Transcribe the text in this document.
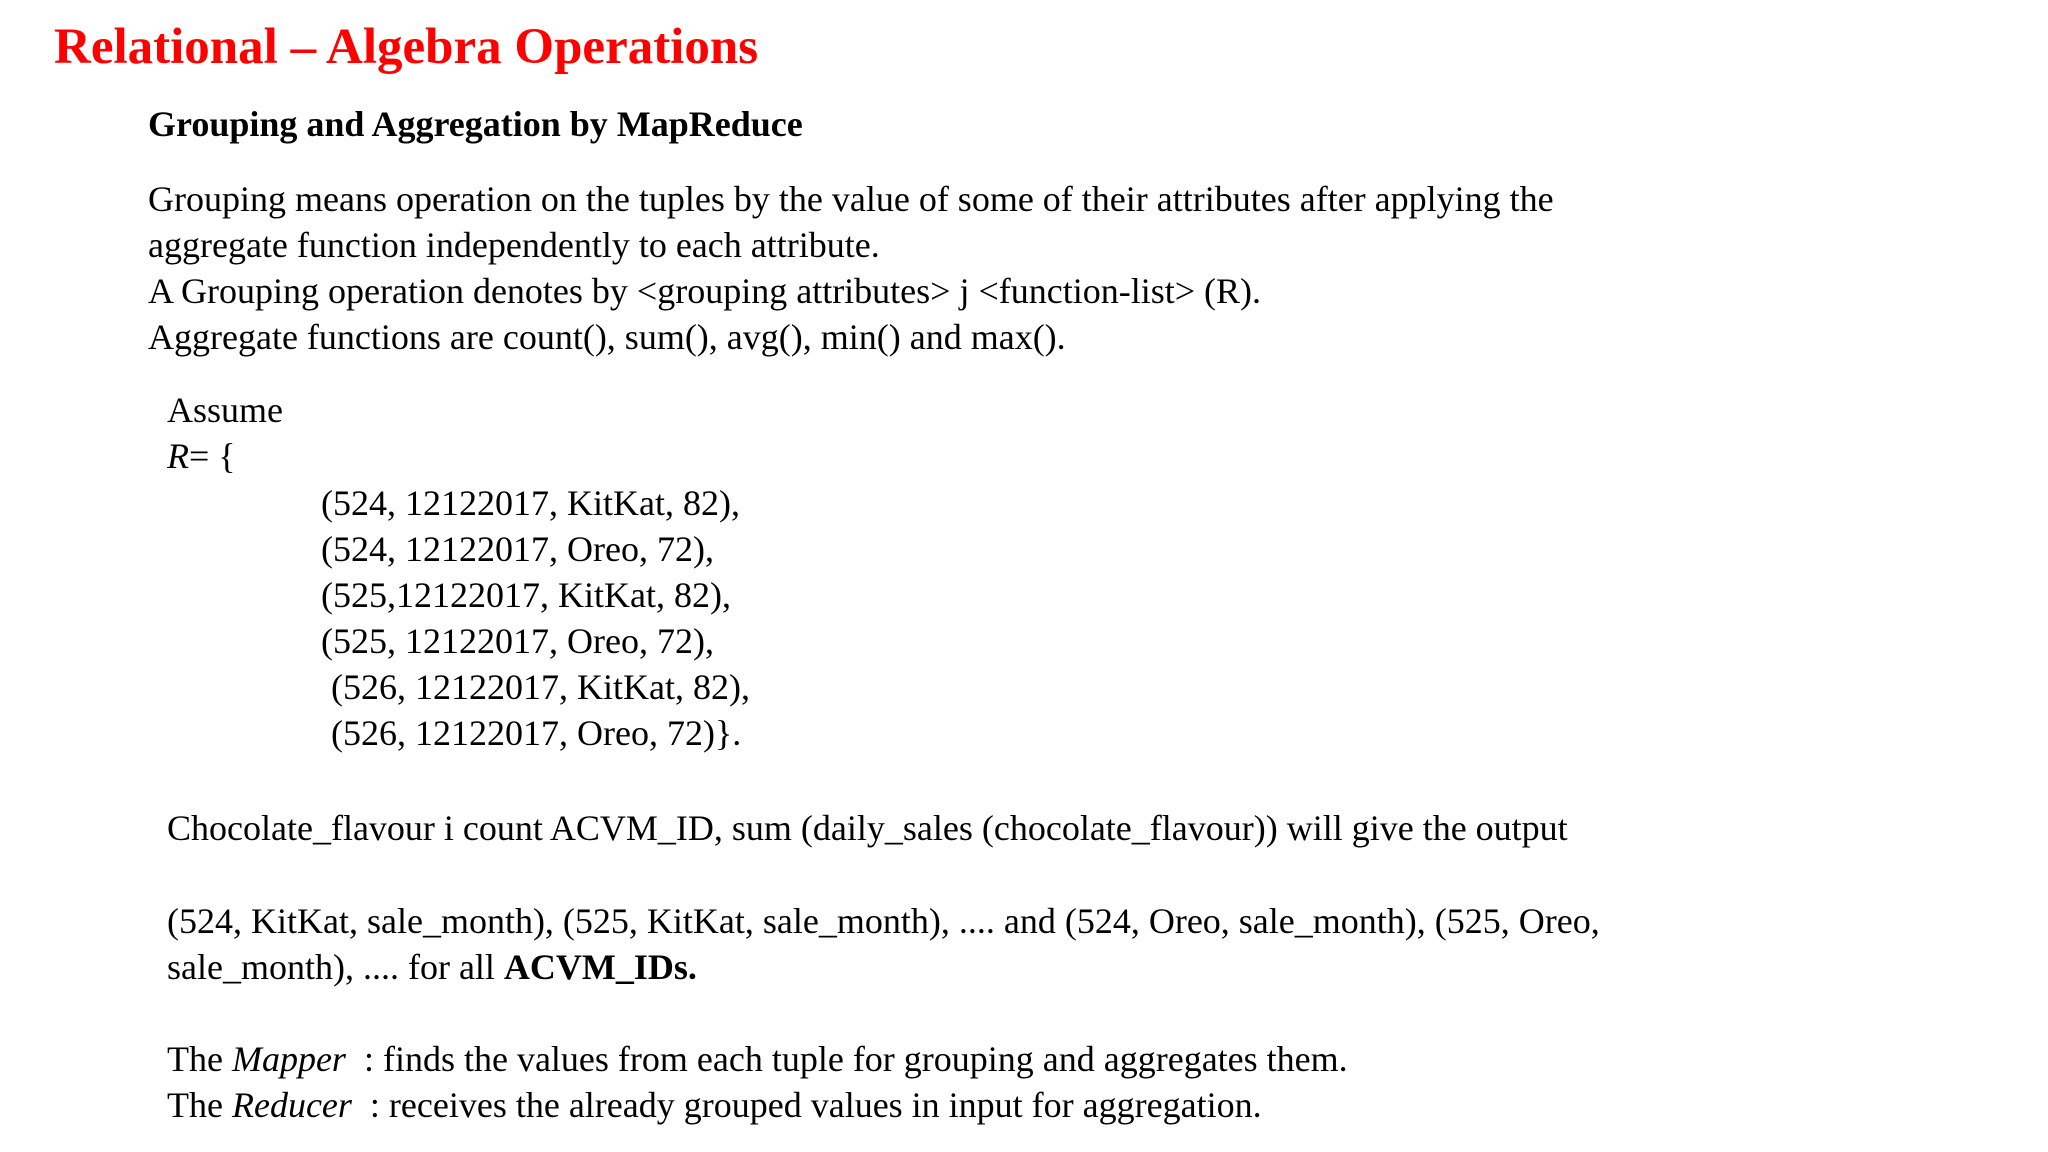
Relational – Algebra Operations
Grouping and Aggregation by MapReduce
Grouping means operation on the tuples by the value of some of their attributes after applying the
aggregate function independently to each attribute.
A Grouping operation denotes by <grouping attributes> j <function-list> (R).
Aggregate functions are count(), sum(), avg(), min() and max().
Assume
R= {
(524, 12122017, KitKat, 82),
(524, 12122017, Oreo, 72),
(525,12122017, KitKat, 82),
(525, 12122017, Oreo, 72),
(526, 12122017, KitKat, 82),
(526, 12122017, Oreo, 72)}.
Chocolate_flavour i count ACVM_ID, sum (daily_sales (chocolate_flavour)) will give the output
(524, KitKat, sale_month), (525, KitKat, sale_month), .... and (524, Oreo, sale_month), (525, Oreo,
sale_month), .... for all ACVM_IDs.
The Mapper  : finds the values from each tuple for grouping and aggregates them.
The Reducer  : receives the already grouped values in input for aggregation.
